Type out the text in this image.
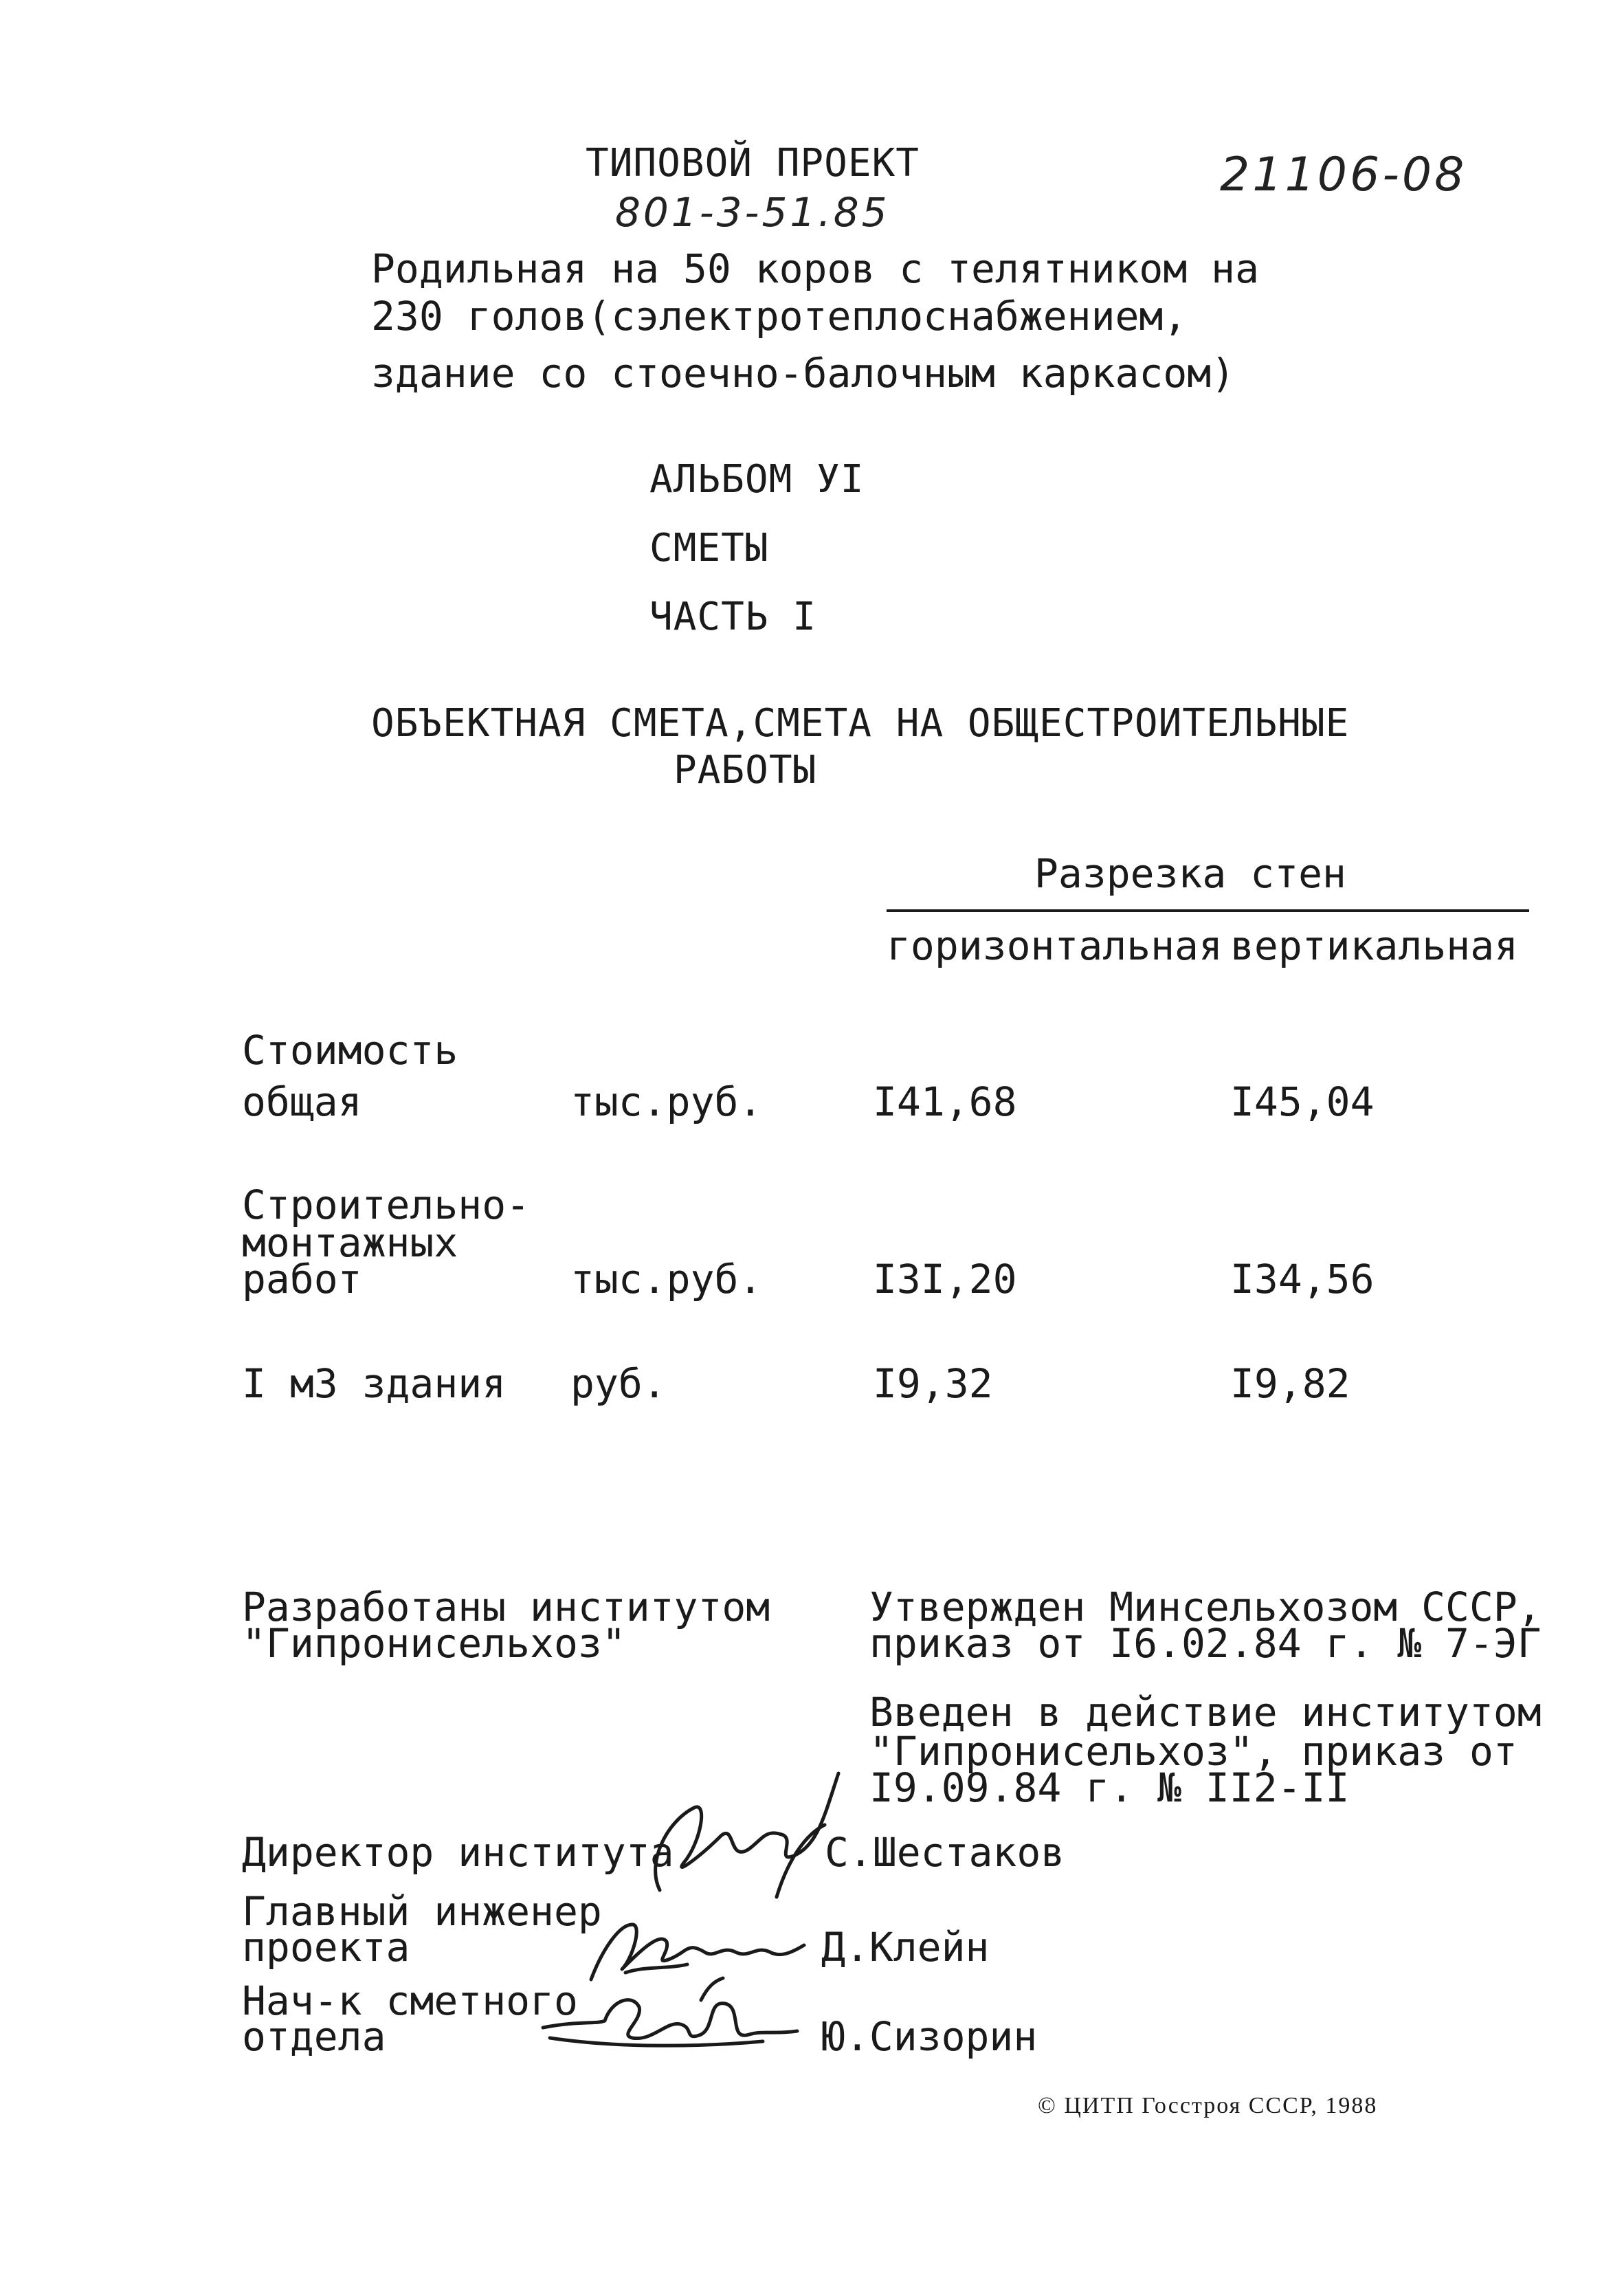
ТИПОВОЙ ПРОЕКТ
801-3-51.85
21106-08
Родильная на 50 коров с телятником на
230 голов(сэлектротеплоснабжением,
здание со стоечно-балочным каркасом)
АЛЬБОМ УI
СМЕТЫ
ЧАСТЬ I
ОБЪЕКТНАЯ СМЕТА,СМЕТА НА ОБЩЕСТРОИТЕЛЬНЫЕ
РАБОТЫ
Разрезка стен
горизонтальная вертикальная
Стоимость
общая	тыс.руб.	I41,68	I45,04
Строительно-
монтажных
работ	тыс.руб.	I3I,20	I34,56
I м3 здания руб.	I9,32	I9,82
Разработаны институтом
"Гипронисельхоз"
Утвержден Минсельхозом СССР,
приказ от I6.02.84 г. № 7-ЭГ
Введен в действие институтом
"Гипронисельхоз", приказ от
I9.09.84 г. № II2-II
Директор института	С.Шестаков
Главный инженер
проекта	Д.Клейн
Нач-к сметного
отдела	Ю.Сизорин
© ЦИТП Госстроя СССР, 1988
